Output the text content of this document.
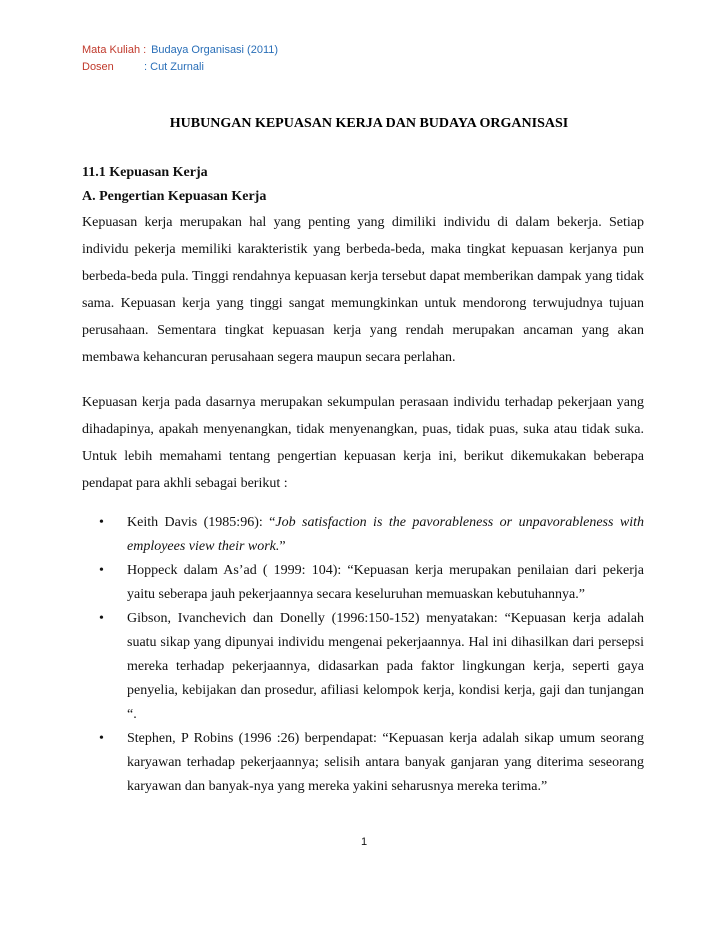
Mata Kuliah : Budaya Organisasi (2011)
Dosen	: Cut Zurnali
HUBUNGAN KEPUASAN KERJA DAN BUDAYA ORGANISASI

11.1 Kepuasan Kerja

A. Pengertian Kepuasan Kerja

Kepuasan kerja merupakan hal yang penting yang dimiliki individu di dalam bekerja. Setiap individu pekerja memiliki karakteristik yang berbeda-beda, maka tingkat kepuasan kerjanya pun berbeda-beda pula. Tinggi rendahnya kepuasan kerja tersebut dapat memberikan dampak yang tidak sama. Kepuasan kerja yang tinggi sangat memungkinkan untuk mendorong terwujudnya tujuan perusahaan. Sementara tingkat kepuasan kerja yang rendah merupakan ancaman yang akan membawa kehancuran perusahaan segera maupun secara perlahan.

Kepuasan kerja pada dasarnya merupakan sekumpulan perasaan individu terhadap pekerjaan yang dihadapinya, apakah menyenangkan, tidak menyenangkan, puas, tidak puas, suka atau tidak suka. Untuk lebih memahami tentang pengertian kepuasan kerja ini, berikut dikemukakan beberapa pendapat para akhli sebagai berikut :

• Keith Davis (1985:96): “Job satisfaction is the pavorableness or unpavorableness with employees view their work.”
• Hoppeck dalam As’ad ( 1999: 104): “Kepuasan kerja merupakan penilaian dari pekerja yaitu seberapa jauh pekerjaannya secara keseluruhan memuaskan kebutuhannya.”
• Gibson, Ivanchevich dan Donelly (1996:150-152) menyatakan: “Kepuasan kerja adalah suatu sikap yang dipunyai individu mengenai pekerjaannya. Hal ini dihasilkan dari persepsi mereka terhadap pekerjaannya, didasarkan pada faktor lingkungan kerja, seperti gaya penyelia, kebijakan dan prosedur, afiliasi kelompok kerja, kondisi kerja, gaji dan tunjangan “.
• Stephen, P Robins (1996 :26) berpendapat: “Kepuasan kerja adalah sikap umum seorang karyawan terhadap pekerjaannya; selisih antara banyak ganjaran yang diterima seseorang karyawan dan banyak-nya yang mereka yakini seharusnya mereka terima.”
1
